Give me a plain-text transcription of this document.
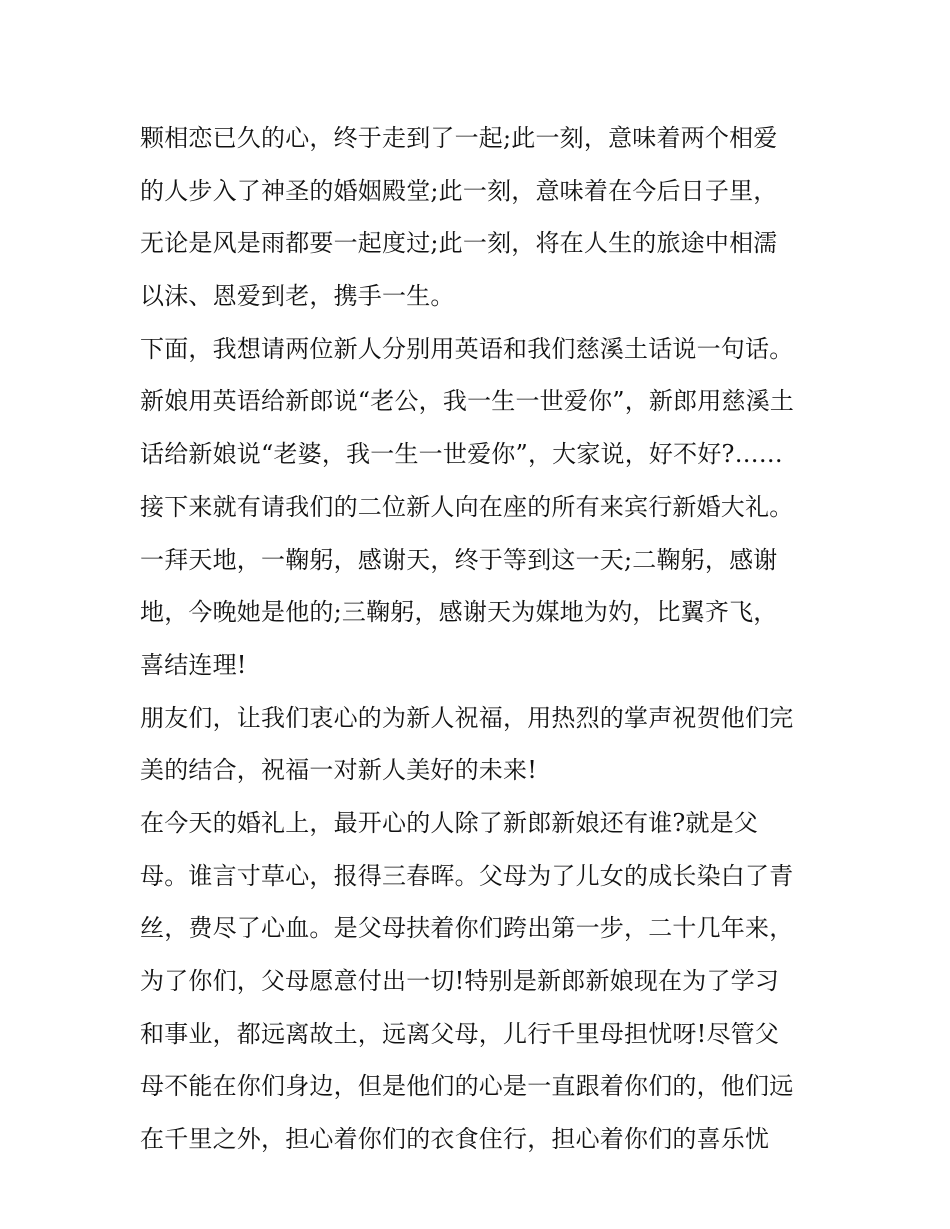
颗相恋已久的心，终于走到了一起;此一刻，意味着两个相爱
的人步入了神圣的婚姻殿堂;此一刻，意味着在今后日子里，
无论是风是雨都要一起度过;此一刻，将在人生的旅途中相濡
以沫、恩爱到老，携手一生。
下面，我想请两位新人分别用英语和我们慈溪土话说一句话。
新娘用英语给新郎说“老公，我一生一世爱你”，新郎用慈溪土
话给新娘说“老婆，我一生一世爱你”，大家说，好不好?……
接下来就有请我们的二位新人向在座的所有来宾行新婚大礼。
一拜天地，一鞠躬，感谢天，终于等到这一天;二鞠躬，感谢
地，今晚她是他的;三鞠躬，感谢天为媒地为妁，比翼齐飞，
喜结连理!
朋友们，让我们衷心的为新人祝福，用热烈的掌声祝贺他们完
美的结合，祝福一对新人美好的未来!
在今天的婚礼上，最开心的人除了新郎新娘还有谁?就是父
母。谁言寸草心，报得三春晖。父母为了儿女的成长染白了青
丝，费尽了心血。是父母扶着你们跨出第一步，二十几年来，
为了你们，父母愿意付出一切!特别是新郎新娘现在为了学习
和事业，都远离故土，远离父母，儿行千里母担忧呀!尽管父
母不能在你们身边，但是他们的心是一直跟着你们的，他们远
在千里之外，担心着你们的衣食住行，担心着你们的喜乐忧
